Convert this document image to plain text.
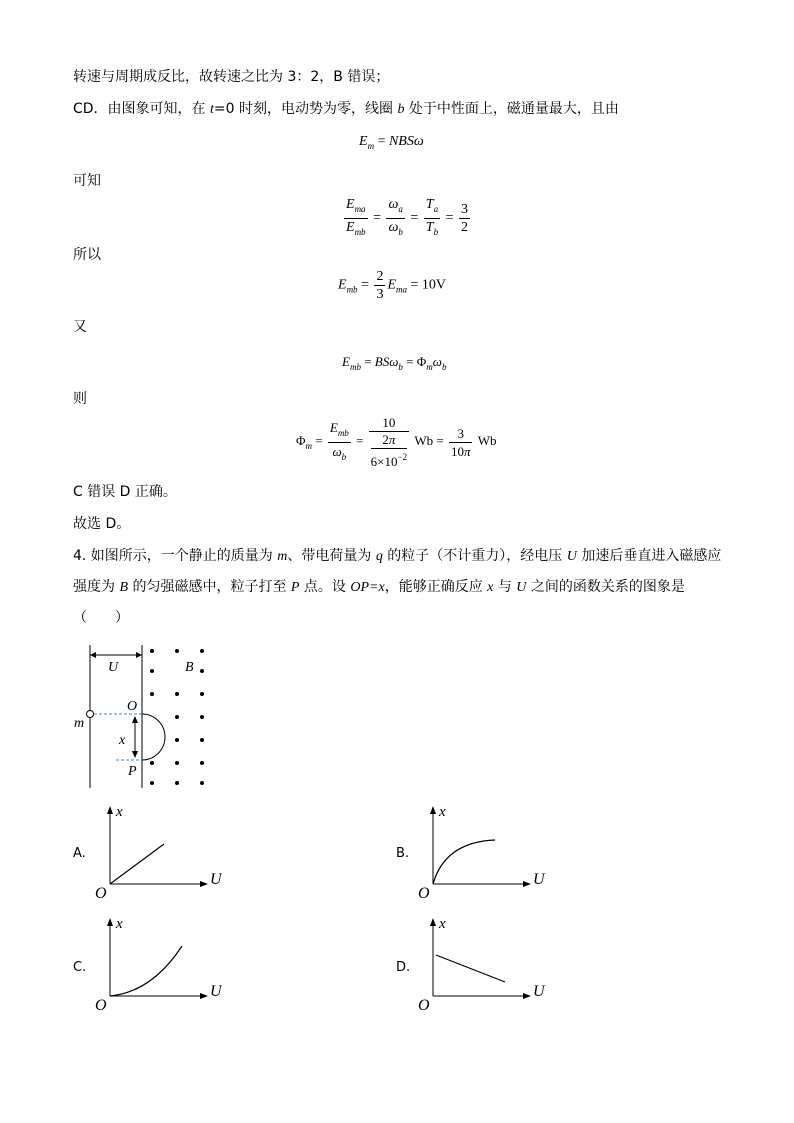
转速与周期成反比，故转速之比为 3：2，B 错误；
CD．由图象可知，在 t=0 时刻，电动势为零，线圈 b 处于中性面上，磁通量最大，且由
$E_m = NBS\omega$
可知
$\frac{E_{ma}}{E_{mb}} = \frac{\omega_a}{\omega_b} = \frac{T_a}{T_b} = \frac{3}{2}$
所以
$E_{mb} = \frac{2}{3} E_{ma} = 10V$
又
$E_{mb} = BS\omega_b = \Phi_m\omega_b$
则
$\Phi_m = \frac{E_{mb}}{\omega_b} = \frac{10}{\frac{2\pi}{6\times 10^{-2}}}$ $Wb = \frac{3}{10\pi}$ Wb
C 错误 D 正确。
故选 D。
4. 如图所示，一个静止的质量为 m、带电荷量为 q 的粒子（不计重力），经电压 U 加速后垂直进入磁感应
强度为 B 的匀强磁感中，粒子打至 P 点。设 OP=x，能够正确反应 x 与 U 之间的函数关系的图象是
（　　）
U	B
O
x
P
m
A.
x
U
O
B.
x
U
O
C.
x
U
O
D.
x
U
O
